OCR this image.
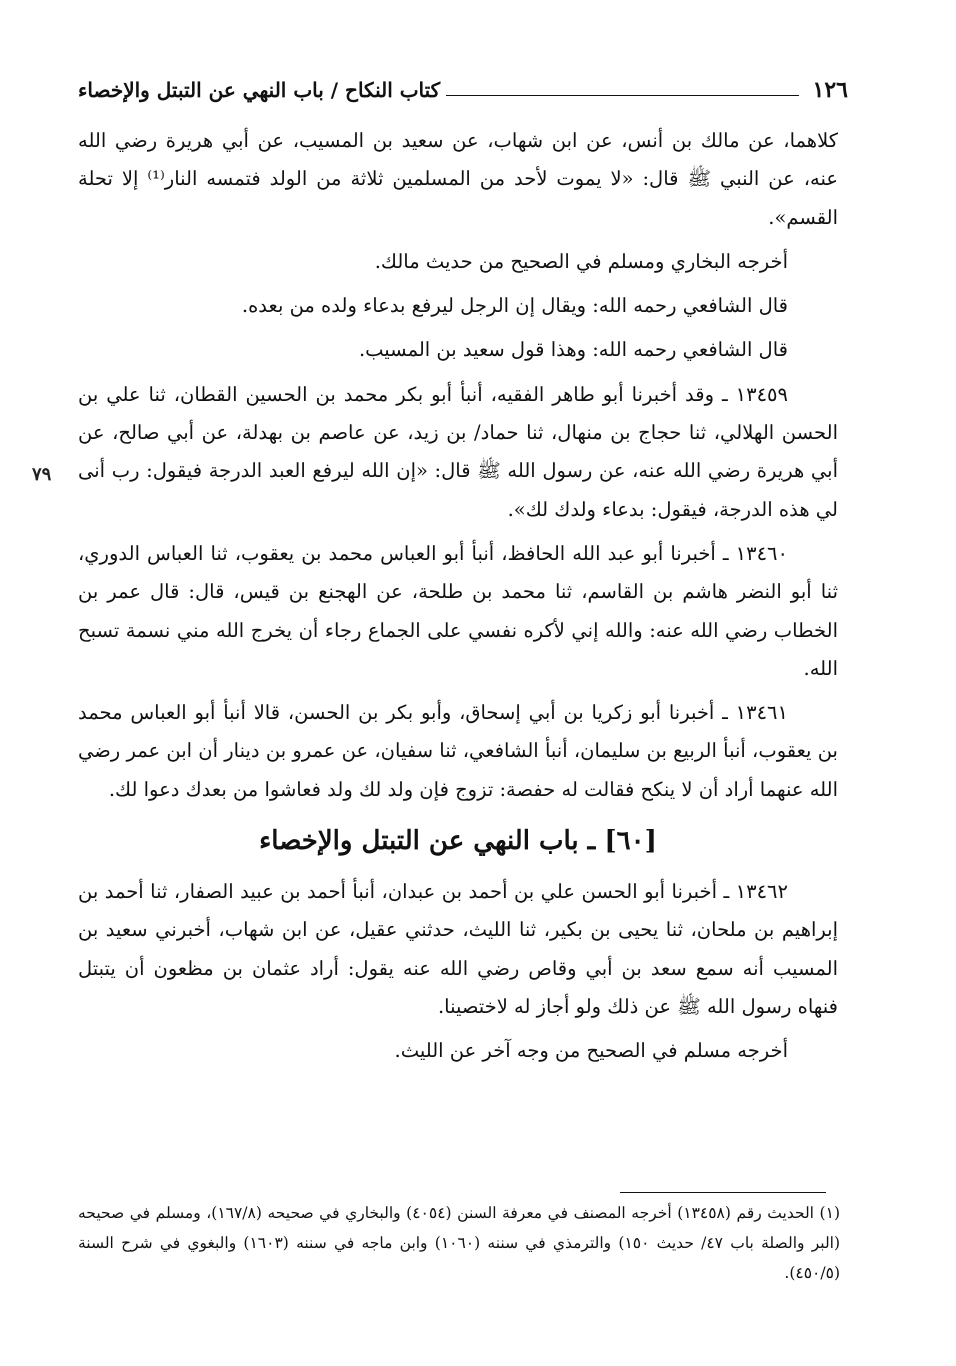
١٢٦
كتاب النكاح / باب النهي عن التبتل والإخصاء
٧٩

كلاهما، عن مالك بن أنس، عن ابن شهاب، عن سعيد بن المسيب، عن أبي هريرة رضي الله عنه، عن النبي ﷺ قال: «لا يموت لأحد من المسلمين ثلاثة من الولد فتمسه النار⁽¹⁾ إلا تحلة القسم».

أخرجه البخاري ومسلم في الصحيح من حديث مالك.

قال الشافعي رحمه الله: ويقال إن الرجل ليرفع بدعاء ولده من بعده.

قال الشافعي رحمه الله: وهذا قول سعيد بن المسيب.

١٣٤٥٩ ـ وقد أخبرنا أبو طاهر الفقيه، أنبأ أبو بكر محمد بن الحسين القطان، ثنا علي بن الحسن الهلالي، ثنا حجاج بن منهال، ثنا حماد/ بن زيد، عن عاصم بن بهدلة، عن أبي صالح، عن أبي هريرة رضي الله عنه، عن رسول الله ﷺ قال: «إن الله ليرفع العبد الدرجة فيقول: رب أنى لي هذه الدرجة، فيقول: بدعاء ولدك لك».

١٣٤٦٠ ـ أخبرنا أبو عبد الله الحافظ، أنبأ أبو العباس محمد بن يعقوب، ثنا العباس الدوري، ثنا أبو النضر هاشم بن القاسم، ثنا محمد بن طلحة، عن الهجنع بن قيس، قال: قال عمر بن الخطاب رضي الله عنه: والله إني لأكره نفسي على الجماع رجاء أن يخرج الله مني نسمة تسبح الله.

١٣٤٦١ ـ أخبرنا أبو زكريا بن أبي إسحاق، وأبو بكر بن الحسن، قالا أنبأ أبو العباس محمد بن يعقوب، أنبأ الربيع بن سليمان، أنبأ الشافعي، ثنا سفيان، عن عمرو بن دينار أن ابن عمر رضي الله عنهما أراد أن لا ينكح فقالت له حفصة: تزوج فإن ولد لك ولد فعاشوا من بعدك دعوا لك.

[٦٠] ـ باب النهي عن التبتل والإخصاء

١٣٤٦٢ ـ أخبرنا أبو الحسن علي بن أحمد بن عبدان، أنبأ أحمد بن عبيد الصفار، ثنا أحمد بن إبراهيم بن ملحان، ثنا يحيى بن بكير، ثنا الليث، حدثني عقيل، عن ابن شهاب، أخبرني سعيد بن المسيب أنه سمع سعد بن أبي وقاص رضي الله عنه يقول: أراد عثمان بن مظعون أن يتبتل فنهاه رسول الله ﷺ عن ذلك ولو أجاز له لاختصينا.

أخرجه مسلم في الصحيح من وجه آخر عن الليث.

(١) الحديث رقم (١٣٤٥٨) أخرجه المصنف في معرفة السنن (٤٠٥٤) والبخاري في صحيحه (١٦٧/٨)، ومسلم في صحيحه (البر والصلة باب ٤٧/ حديث ١٥٠) والترمذي في سننه (١٠٦٠) وابن ماجه في سننه (١٦٠٣) والبغوي في شرح السنة (٤٥٠/٥).
